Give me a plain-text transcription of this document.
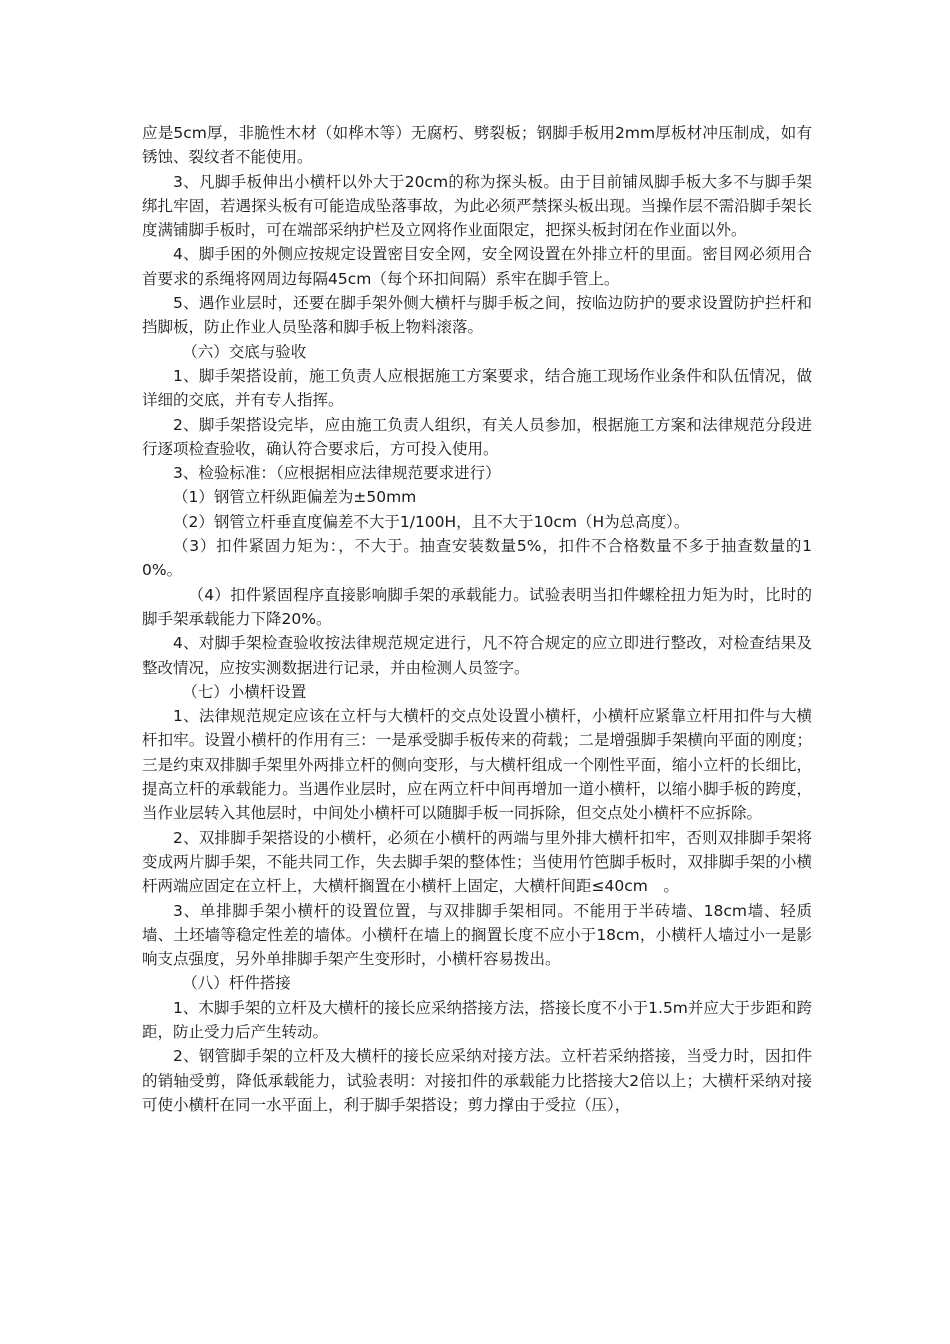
应是5cm厚，非脆性木材（如桦木等）无腐朽、劈裂板；钢脚手板用2mm厚板材冲压制成，如有锈蚀、裂纹者不能使用。

3、凡脚手板伸出小横杆以外大于20cm的称为探头板。由于目前铺凤脚手板大多不与脚手架绑扎牢固，若遇探头板有可能造成坠落事故，为此必须严禁探头板出现。当操作层不需沿脚手架长度满铺脚手板时，可在端部采纳护栏及立网将作业面限定，把探头板封闭在作业面以外。

4、脚手困的外侧应按规定设置密目安全网，安全网设置在外排立杆的里面。密目网必须用合首要求的系绳将网周边每隔45cm（每个环扣间隔）系牢在脚手管上。

5、遇作业层时，还要在脚手架外侧大横杆与脚手板之间，按临边防护的要求设置防护拦杆和挡脚板，防止作业人员坠落和脚手板上物料滚落。

（六）交底与验收

1、脚手架搭设前，施工负责人应根据施工方案要求，结合施工现场作业条件和队伍情况，做详细的交底，并有专人指挥。

2、脚手架搭设完毕，应由施工负责人组织，有关人员参加，根据施工方案和法律规范分段进行逐项检查验收，确认符合要求后，方可投入使用。

3、检验标准：（应根据相应法律规范要求进行）

（1）钢管立杆纵距偏差为±50mm

（2）钢管立杆垂直度偏差不大于1/100H，且不大于10cm（H为总高度）。

（3）扣件紧固力矩为：，不大于。抽查安装数量5%，扣件不合格数量不多于抽查数量的10%。

（4）扣件紧固程序直接影响脚手架的承载能力。试验表明当扣件螺栓扭力矩为时，比时的脚手架承载能力下降20%。

4、对脚手架检查验收按法律规范规定进行，凡不符合规定的应立即进行整改，对检查结果及整改情况，应按实测数据进行记录，并由检测人员签字。

（七）小横杆设置

1、法律规范规定应该在立杆与大横杆的交点处设置小横杆，小横杆应紧靠立杆用扣件与大横杆扣牢。设置小横杆的作用有三：一是承受脚手板传来的荷载；二是增强脚手架横向平面的刚度；三是约束双排脚手架里外两排立杆的侧向变形，与大横杆组成一个刚性平面，缩小立杆的长细比，提高立杆的承载能力。当遇作业层时，应在两立杆中间再增加一道小横杆，以缩小脚手板的跨度，当作业层转入其他层时，中间处小横杆可以随脚手板一同拆除，但交点处小横杆不应拆除。

2、双排脚手架搭设的小横杆，必须在小横杆的两端与里外排大横杆扣牢，否则双排脚手架将变成两片脚手架，不能共同工作，失去脚手架的整体性；当使用竹笆脚手板时，双排脚手架的小横杆两端应固定在立杆上，大横杆搁置在小横杆上固定，大横杆间距≤40cm　。

3、单排脚手架小横杆的设置位置，与双排脚手架相同。不能用于半砖墙、18cm墙、轻质墙、土坯墙等稳定性差的墙体。小横杆在墙上的搁置长度不应小于18cm，小横杆人墙过小一是影响支点强度，另外单排脚手架产生变形时，小横杆容易拨出。

（八）杆件搭接

1、木脚手架的立杆及大横杆的接长应采纳搭接方法，搭接长度不小于1.5m并应大于步距和跨距，防止受力后产生转动。

2、钢管脚手架的立杆及大横杆的接长应采纳对接方法。立杆若采纳搭接，当受力时，因扣件的销轴受剪，降低承载能力，试验表明：对接扣件的承载能力比搭接大2倍以上；大横杆采纳对接可使小横杆在同一水平面上，利于脚手架搭设；剪力撑由于受拉（压），
